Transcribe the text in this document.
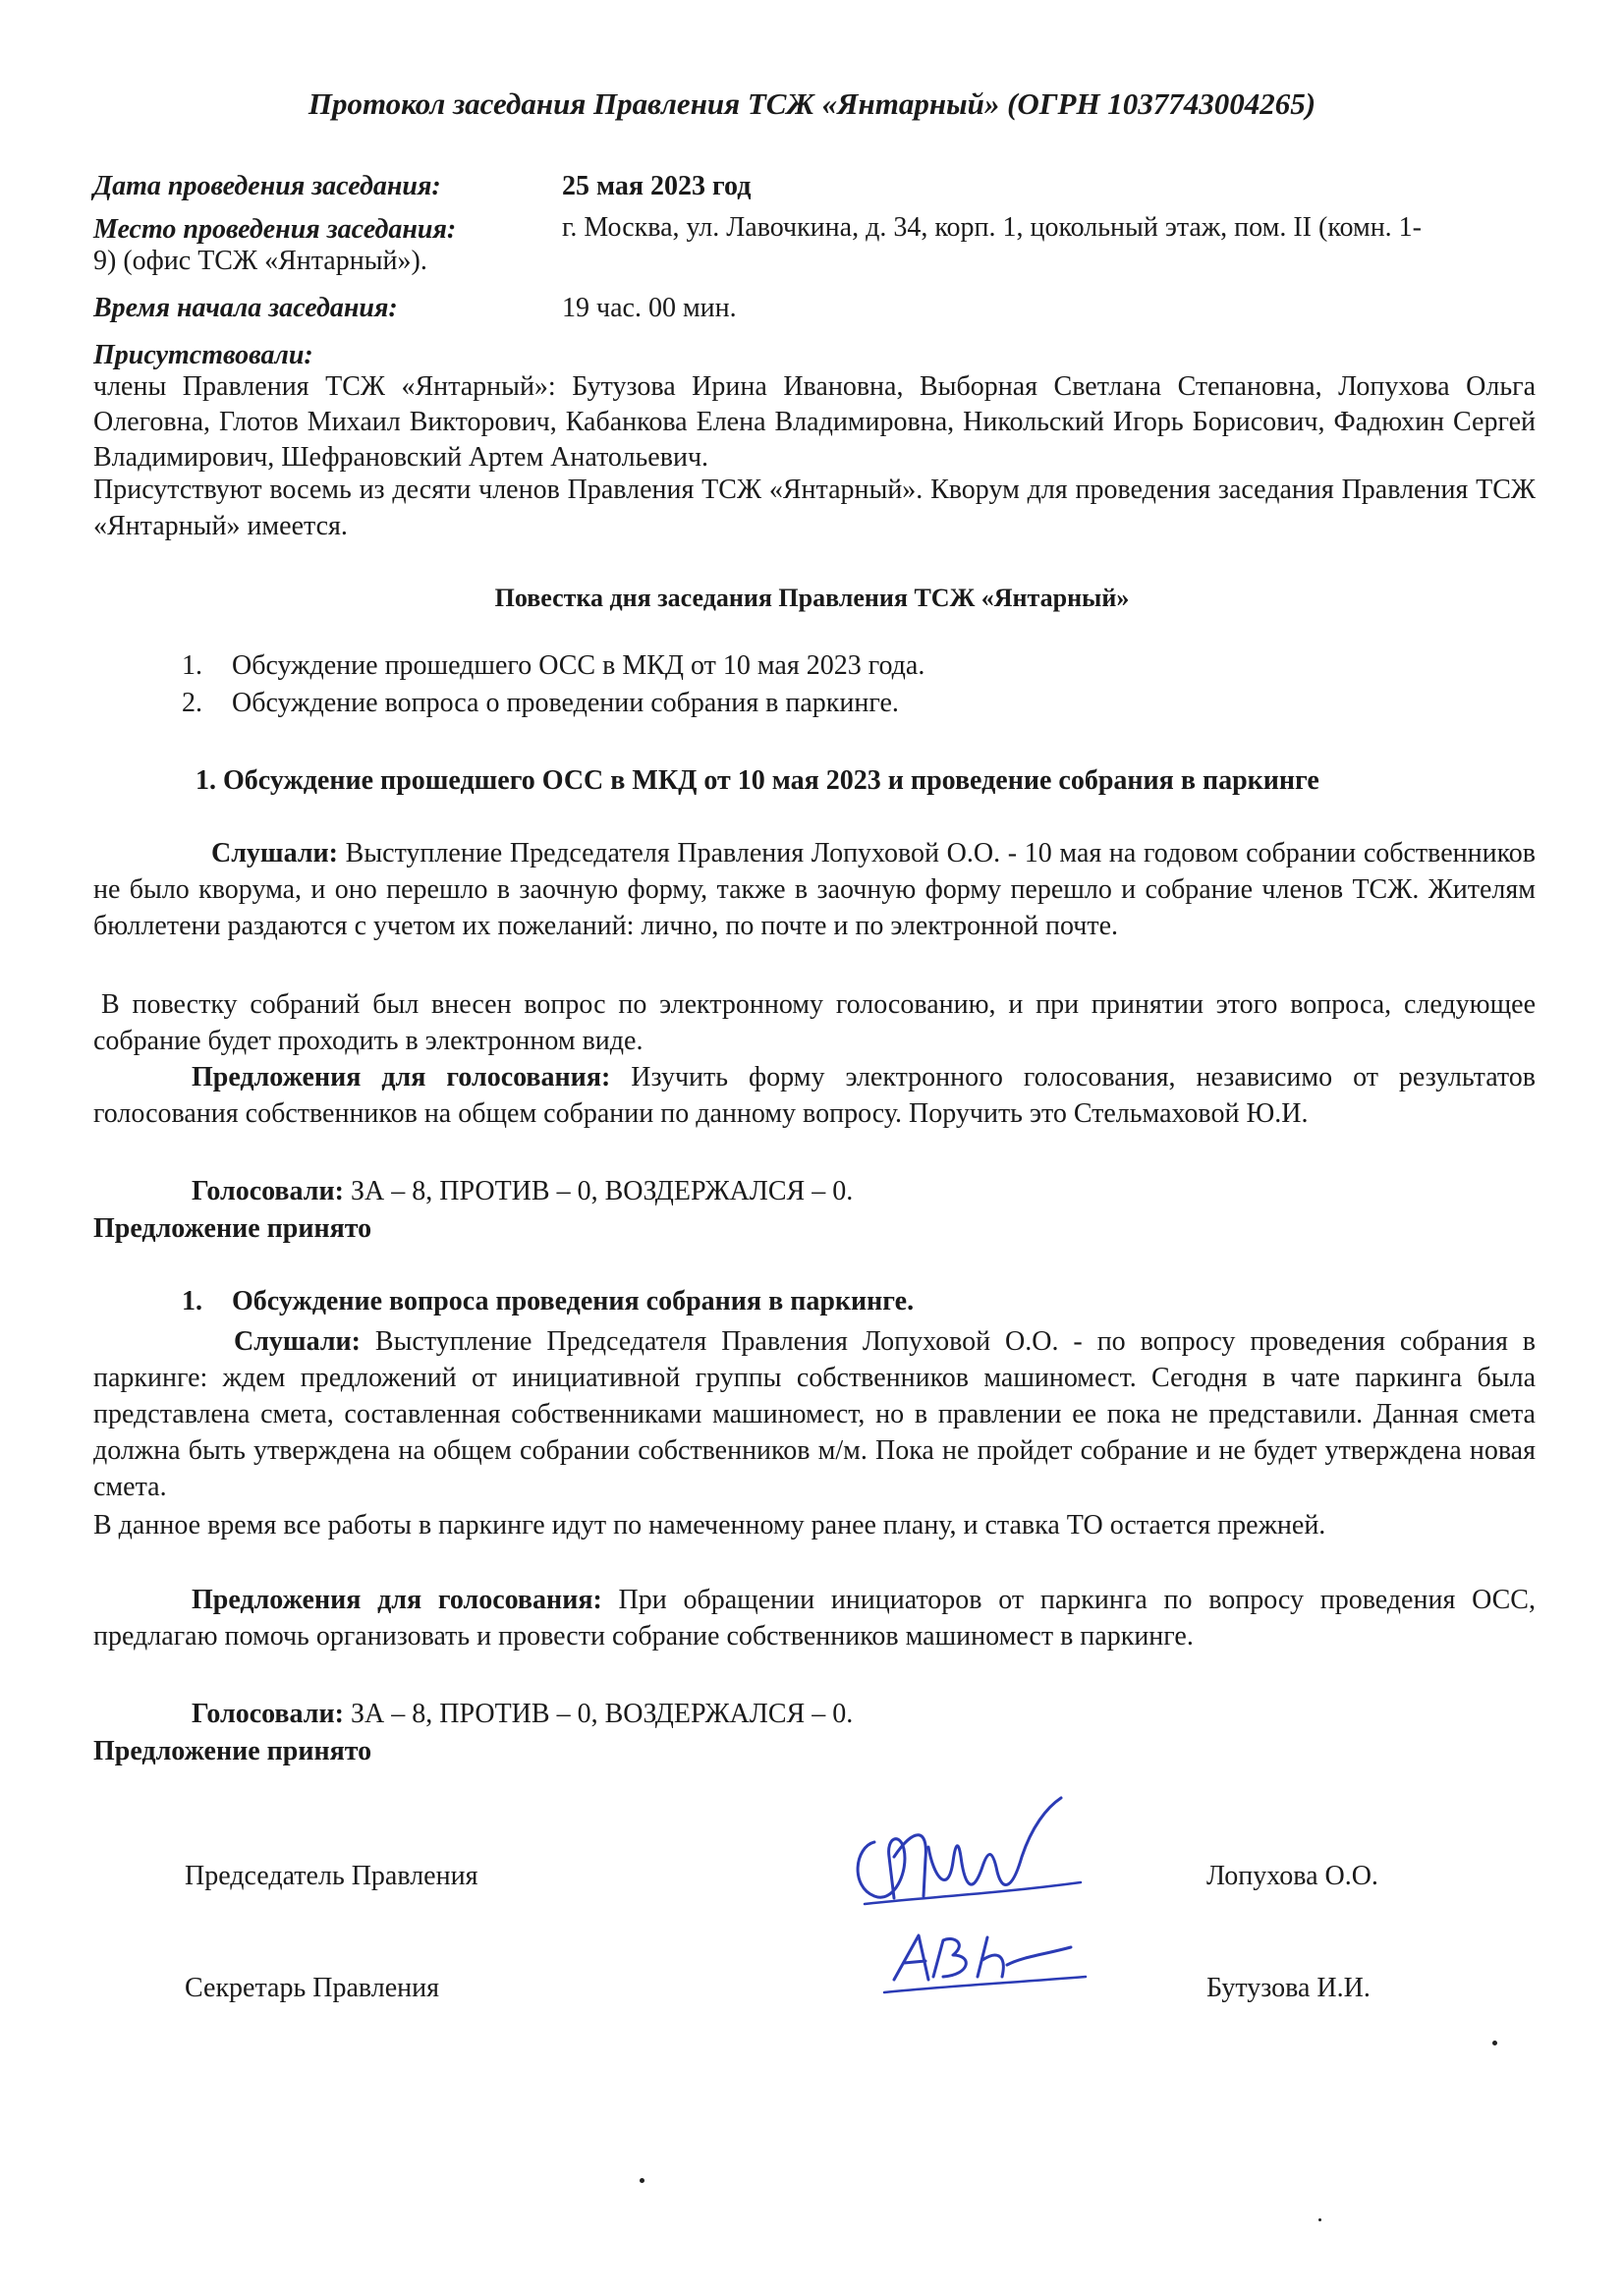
Протокол заседания Правления ТСЖ «Янтарный» (ОГРН 1037743004265)
Дата проведения заседания:	25 мая 2023 год
Место проведения заседания:	г. Москва, ул. Лавочкина, д. 34, корп. 1, цокольный этаж, пом. II (комн. 1-
9) (офис ТСЖ «Янтарный»).
Время начала заседания:	19 час. 00 мин.
Присутствовали:
члены Правления ТСЖ «Янтарный»: Бутузова Ирина Ивановна, Выборная Светлана Степановна, Лопухова Ольга Олеговна, Глотов Михаил Викторович, Кабанкова Елена Владимировна, Никольский Игорь Борисович, Фадюхин Сергей Владимирович, Шефрановский Артем Анатольевич.
Присутствуют восемь из десяти членов Правления ТСЖ «Янтарный». Кворум для проведения заседания Правления ТСЖ «Янтарный» имеется.
Повестка дня заседания Правления ТСЖ «Янтарный»
1. Обсуждение прошедшего ОСС в МКД от 10 мая 2023 года.
2. Обсуждение вопроса о проведении собрания в паркинге.
1. Обсуждение прошедшего ОСС в МКД от 10 мая 2023 и проведение собрания в паркинге
Слушали: Выступление Председателя Правления Лопуховой О.О. - 10 мая на годовом собрании собственников не было кворума, и оно перешло в заочную форму, также в заочную форму перешло и собрание членов ТСЖ. Жителям бюллетени раздаются с учетом их пожеланий: лично, по почте и по электронной почте.
В повестку собраний был внесен вопрос по электронному голосованию, и при принятии этого вопроса, следующее собрание будет проходить в электронном виде.
Предложения для голосования: Изучить форму электронного голосования, независимо от результатов голосования собственников на общем собрании по данному вопросу. Поручить это Стельмаховой Ю.И.
Голосовали: ЗА – 8, ПРОТИВ – 0, ВОЗДЕРЖАЛСЯ – 0.
Предложение принято
1. Обсуждение вопроса проведения собрания в паркинге.
Слушали: Выступление Председателя Правления Лопуховой О.О. - по вопросу проведения собрания в паркинге: ждем предложений от инициативной группы собственников машиномест. Сегодня в чате паркинга была представлена смета, составленная собственниками машиномест, но в правлении ее пока не представили. Данная смета должна быть утверждена на общем собрании собственников м/м. Пока не пройдет собрание и не будет утверждена новая смета.
В данное время все работы в паркинге идут по намеченному ранее плану, и ставка ТО остается прежней.
Предложения для голосования: При обращении инициаторов от паркинга по вопросу проведения ОСС, предлагаю помочь организовать и провести собрание собственников машиномест в паркинге.
Голосовали: ЗА – 8, ПРОТИВ – 0, ВОЗДЕРЖАЛСЯ – 0.
Предложение принято
Председатель Правления	Лопухова О.О.
Секретарь Правления	Бутузова И.И.
